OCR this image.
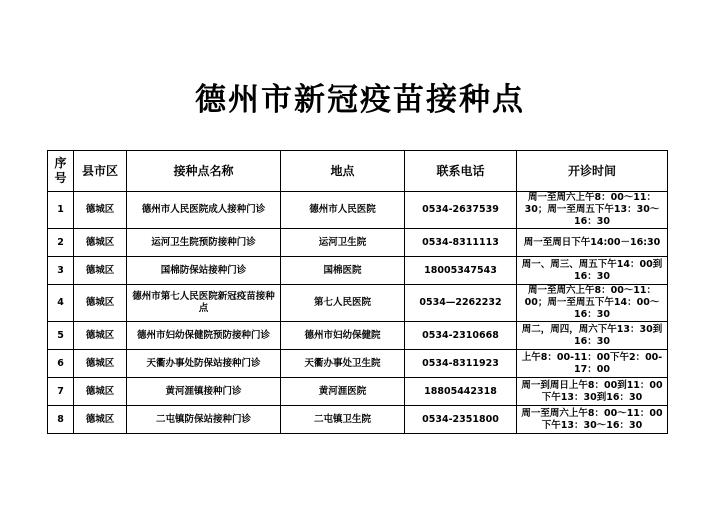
德州市新冠疫苗接种点
序号	县市区	接种点名称	地点	联系电话	开诊时间
1	德城区	德州市人民医院成人接种门诊	德州市人民医院	0534-2637539	周一至周六上午8：00～11：30；周一至周五下午13：30～16：30
2	德城区	运河卫生院预防接种门诊	运河卫生院	0534-8311113	周一至周日下午14:00－16:30
3	德城区	国棉防保站接种门诊	国棉医院	18005347543	周一、周三、周五下午14：00到16：30
4	德城区	德州市第七人民医院新冠疫苗接种点	第七人民医院	0534—2262232	周一至周六上午8：00～11：00；周一至周五下午14：00～16：30
5	德城区	德州市妇幼保健院预防接种门诊	德州市妇幼保健院	0534-2310668	周二，周四，周六下午13：30到16：30
6	德城区	天衢办事处防保站接种门诊	天衢办事处卫生院	0534-8311923	上午8：00-11：00下午2：00-17：00
7	德城区	黄河涯镇接种门诊	黄河涯医院	18805442318	周一到周日上午8：00到11：00下午13：30到16：30
8	德城区	二屯镇防保站接种门诊	二屯镇卫生院	0534-2351800	周一至周六上午8：00～11：00下午13：30～16：30
